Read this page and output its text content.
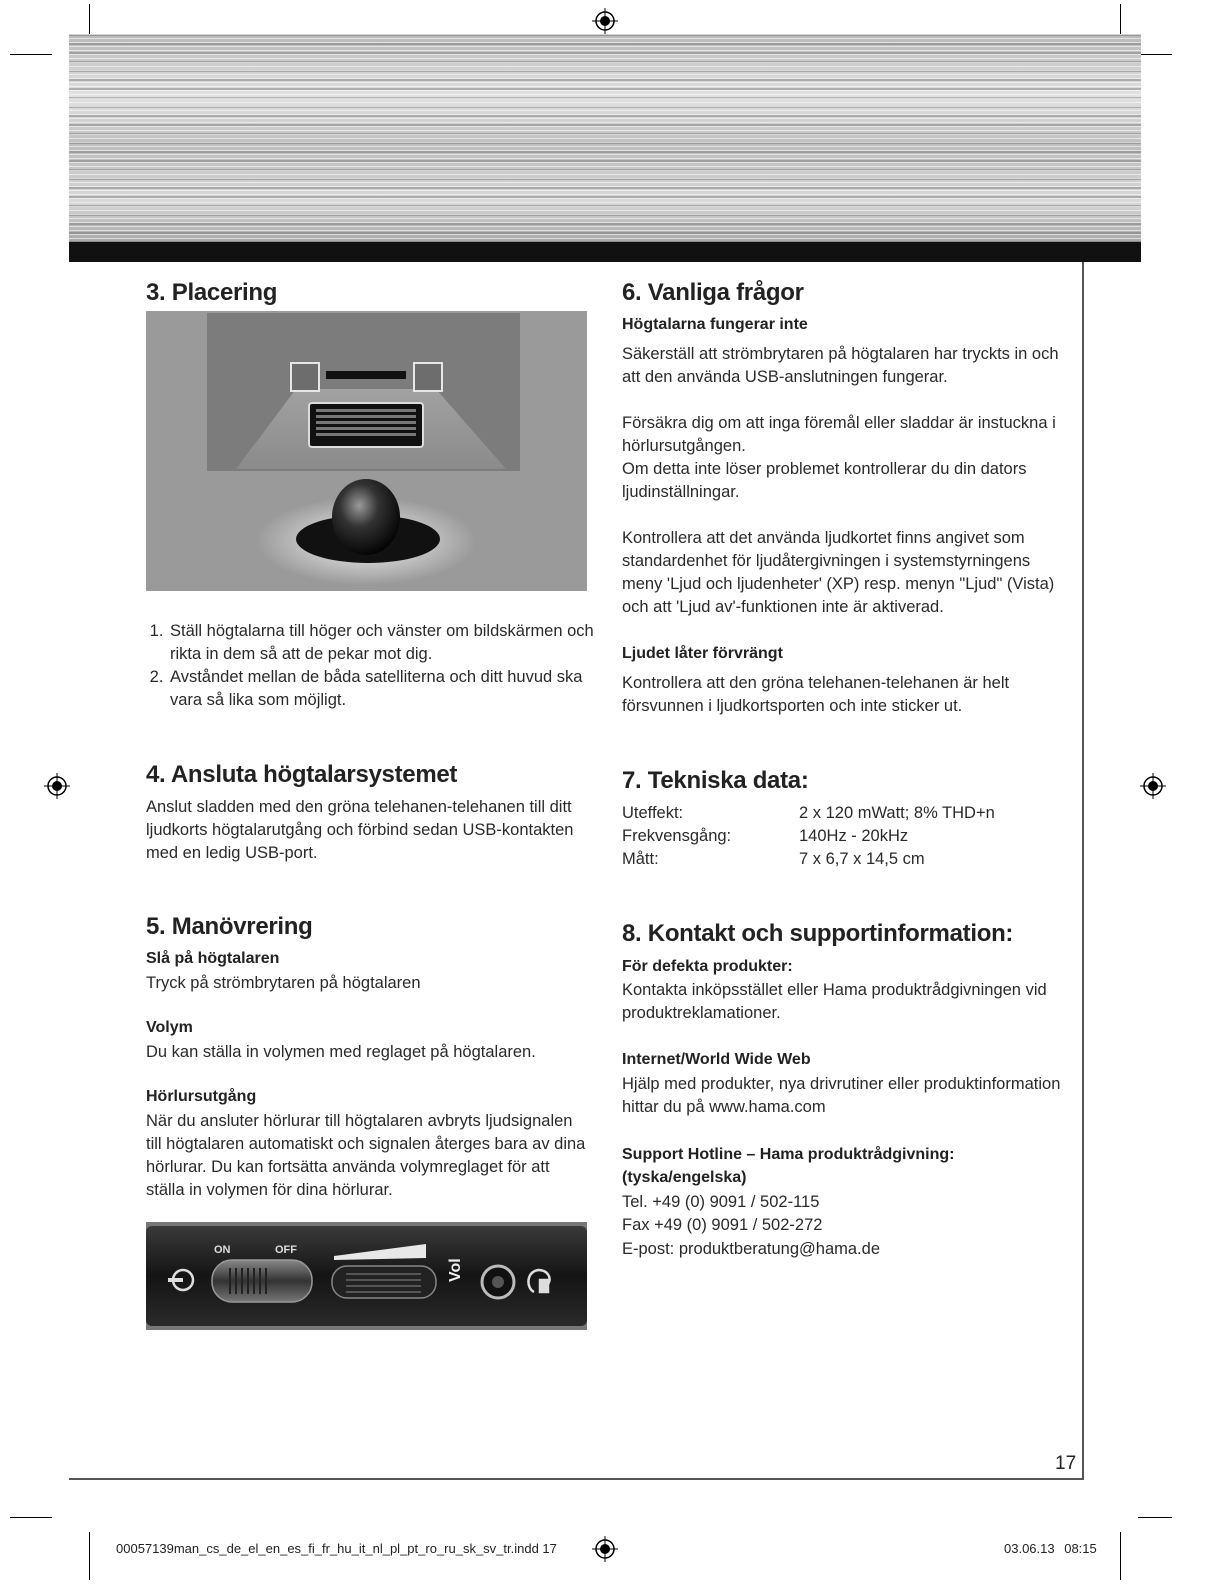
3. Placering
1. Ställ högtalarna till höger och vänster om bildskärmen och rikta in dem så att de pekar mot dig.
2. Avståndet mellan de båda satelliterna och ditt huvud ska vara så lika som möjligt.
4. Ansluta högtalarsystemet

Anslut sladden med den gröna telehanen-telehanen till ditt ljudkorts högtalarutgång och förbind sedan USB-kontakten med en ledig USB-port.

5. Manövrering
Slå på högtalaren

Tryck på strömbrytaren på högtalaren

Volym

Du kan ställa in volymen med reglaget på högtalaren.

Hörlursutgång

När du ansluter hörlurar till högtalaren avbryts ljudsignalen till högtalaren automatiskt och signalen återges bara av dina hörlurar. Du kan fortsätta använda volymreglaget för att ställa in volymen för dina hörlurar.

ON	OFF
Vol
6. Vanliga frågor
Högtalarna fungerar inte

Säkerställ att strömbrytaren på högtalaren har tryckts in och att den använda USB-anslutningen fungerar.

Försäkra dig om att inga föremål eller sladdar är instuckna i hörlursutgången.

Om detta inte löser problemet kontrollerar du din dators ljudinställningar.

Kontrollera att det använda ljudkortet finns angivet som standardenhet för ljudåtergivningen i systemstyrningens meny 'Ljud och ljudenheter' (XP) resp. menyn "Ljud" (Vista) och att 'Ljud av'-funktionen inte är aktiverad.

Ljudet låter förvrängt

Kontrollera att den gröna telehanen-telehanen är helt försvunnen i ljudkortsporten och inte sticker ut.

7. Tekniska data:
Uteffekt:	2 x 120 mWatt; 8% THD+n
Frekvensgång:	140Hz - 20kHz
Mått:	7 x 6,7 x 14,5 cm
8. Kontakt och supportinformation:
För defekta produkter:

Kontakta inköpsstället eller Hama produktrådgivningen vid produktreklamationer.

Internet/World Wide Web

Hjälp med produkter, nya drivrutiner eller produktinformation hittar du på www.hama.com

Support Hotline – Hama produktrådgivning:
(tyska/engelska)

Tel. +49 (0) 9091 / 502-115

Fax +49 (0) 9091 / 502-272

E-post: produktberatung@hama.de

17
00057139man_cs_de_el_en_es_fi_fr_hu_it_nl_pl_pt_ro_ru_sk_sv_tr.indd 17	03.06.13 08:15
